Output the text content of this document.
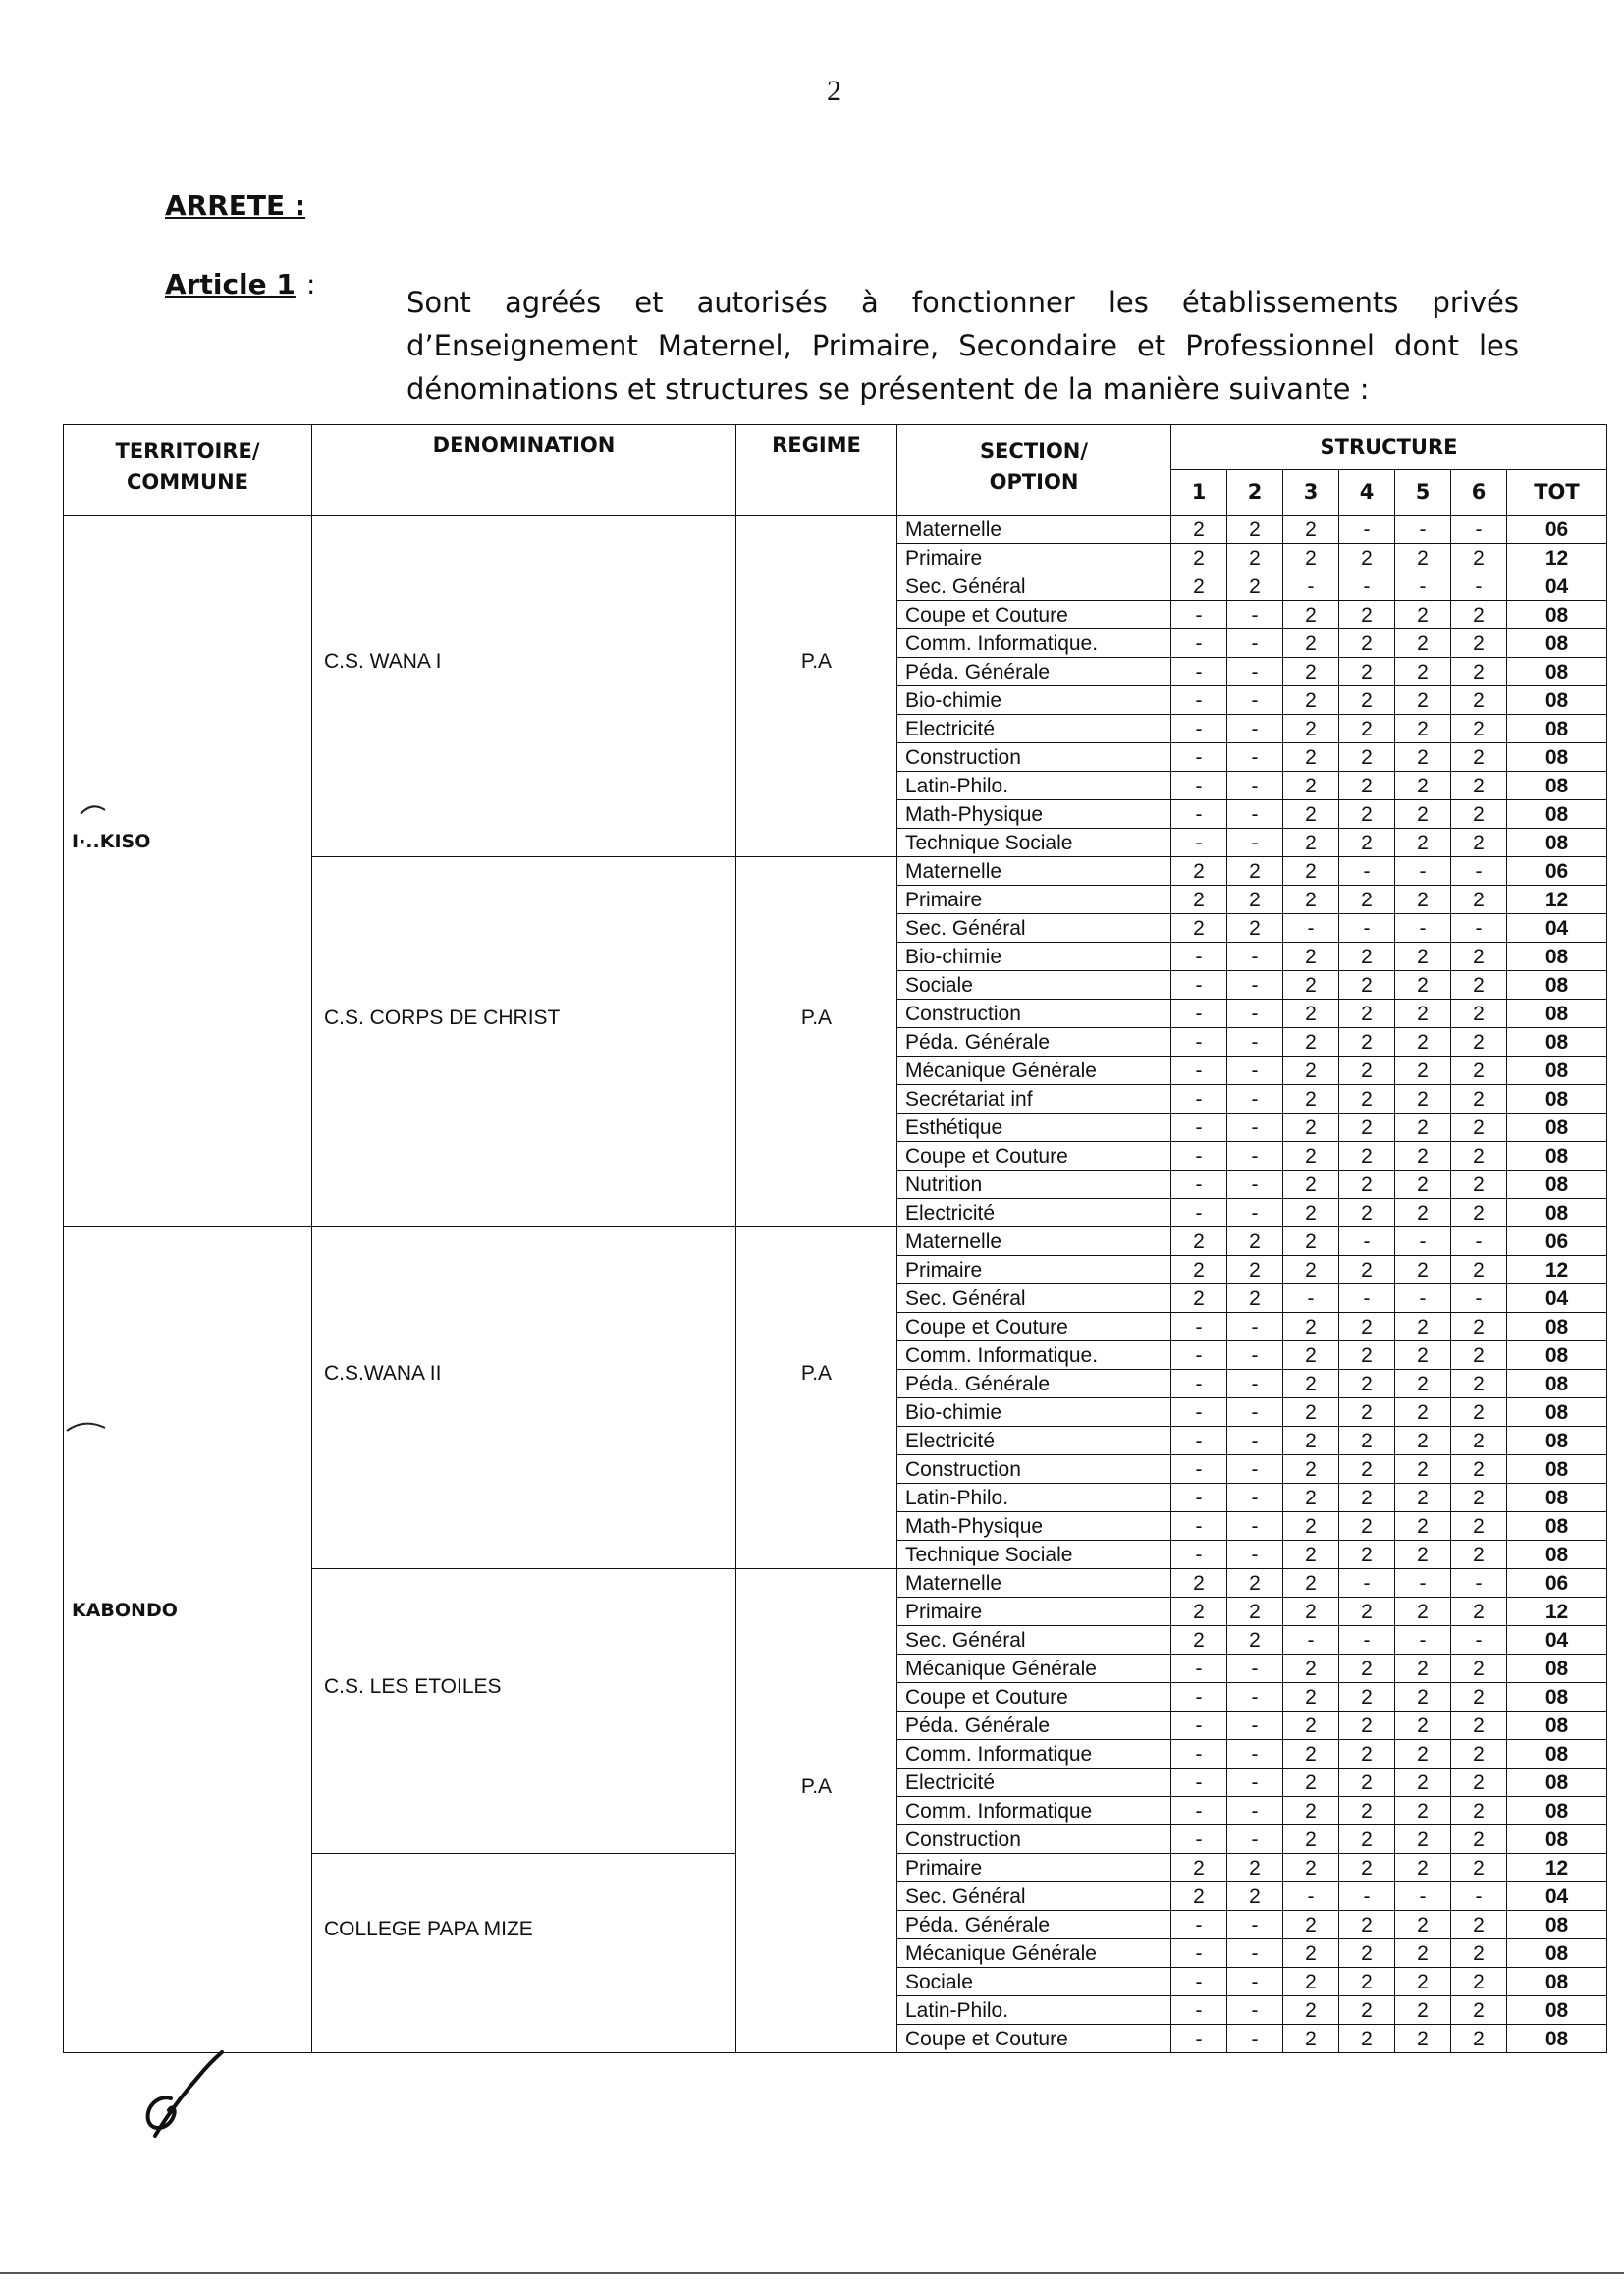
2
ARRETE :
Article 1 :
Sont agréés et autorisés à fonctionner les établissements privés
d’Enseignement Maternel, Primaire, Secondaire et Professionnel dont les
dénominations et structures se présentent de la manière suivante :
TERRITOIRE/
COMMUNE	DENOMINATION	REGIME	SECTION/
OPTION	STRUCTURE						
				1	2	3	4	5	6	TOT
I·..KISO	C.S. WANA I	P.A	Maternelle	2	2	2	-	-	-	06
			Primaire	2	2	2	2	2	2	12
			Sec. Général	2	2	-	-	-	-	04
			Coupe et Couture	-	-	2	2	2	2	08
			Comm. Informatique.	-	-	2	2	2	2	08
			Péda. Générale	-	-	2	2	2	2	08
			Bio-chimie	-	-	2	2	2	2	08
			Electricité	-	-	2	2	2	2	08
			Construction	-	-	2	2	2	2	08
			Latin-Philo.	-	-	2	2	2	2	08
			Math-Physique	-	-	2	2	2	2	08
			Technique Sociale	-	-	2	2	2	2	08
	C.S. CORPS DE CHRIST	P.A	Maternelle	2	2	2	-	-	-	06
			Primaire	2	2	2	2	2	2	12
			Sec. Général	2	2	-	-	-	-	04
			Bio-chimie	-	-	2	2	2	2	08
			Sociale	-	-	2	2	2	2	08
			Construction	-	-	2	2	2	2	08
			Péda. Générale	-	-	2	2	2	2	08
			Mécanique Générale	-	-	2	2	2	2	08
			Secrétariat inf	-	-	2	2	2	2	08
			Esthétique	-	-	2	2	2	2	08
			Coupe et Couture	-	-	2	2	2	2	08
			Nutrition	-	-	2	2	2	2	08
			Electricité	-	-	2	2	2	2	08
KABONDO	C.S.WANA II	P.A	Maternelle	2	2	2	-	-	-	06
			Primaire	2	2	2	2	2	2	12
			Sec. Général	2	2	-	-	-	-	04
			Coupe et Couture	-	-	2	2	2	2	08
			Comm. Informatique.	-	-	2	2	2	2	08
			Péda. Générale	-	-	2	2	2	2	08
			Bio-chimie	-	-	2	2	2	2	08
			Electricité	-	-	2	2	2	2	08
			Construction	-	-	2	2	2	2	08
			Latin-Philo.	-	-	2	2	2	2	08
			Math-Physique	-	-	2	2	2	2	08
			Technique Sociale	-	-	2	2	2	2	08
	C.S. LES ETOILES	P.A	Maternelle	2	2	2	-	-	-	06
			Primaire	2	2	2	2	2	2	12
			Sec. Général	2	2	-	-	-	-	04
			Mécanique Générale	-	-	2	2	2	2	08
			Coupe et Couture	-	-	2	2	2	2	08
			Péda. Générale	-	-	2	2	2	2	08
			Comm. Informatique	-	-	2	2	2	2	08
			Electricité	-	-	2	2	2	2	08
			Comm. Informatique	-	-	2	2	2	2	08
			Construction	-	-	2	2	2	2	08
	COLLEGE PAPA MIZE		Primaire	2	2	2	2	2	2	12
			Sec. Général	2	2	-	-	-	-	04
			Péda. Générale	-	-	2	2	2	2	08
			Mécanique Générale	-	-	2	2	2	2	08
			Sociale	-	-	2	2	2	2	08
			Latin-Philo.	-	-	2	2	2	2	08
			Coupe et Couture	-	-	2	2	2	2	08
